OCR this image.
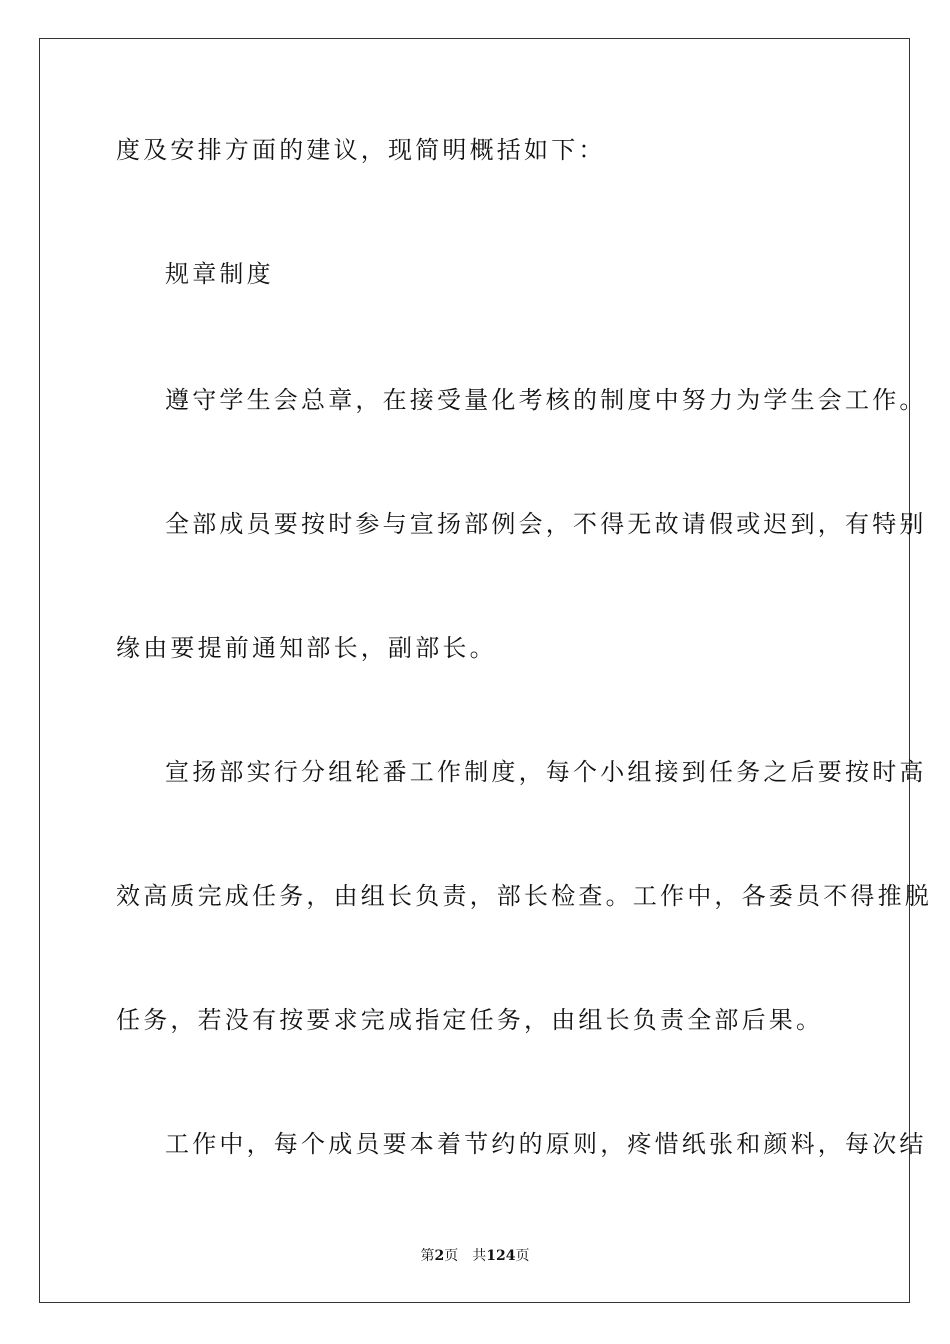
度及安排方面的建议，现简明概括如下：
规章制度
遵守学生会总章，在接受量化考核的制度中努力为学生会工作。
全部成员要按时参与宣扬部例会，不得无故请假或迟到，有特别
缘由要提前通知部长，副部长。
宣扬部实行分组轮番工作制度，每个小组接到任务之后要按时高
效高质完成任务，由组长负责，部长检查。工作中，各委员不得推脱
任务，若没有按要求完成指定任务，由组长负责全部后果。
工作中，每个成员要本着节约的原则，疼惜纸张和颜料，每次结
第2页 共124页
